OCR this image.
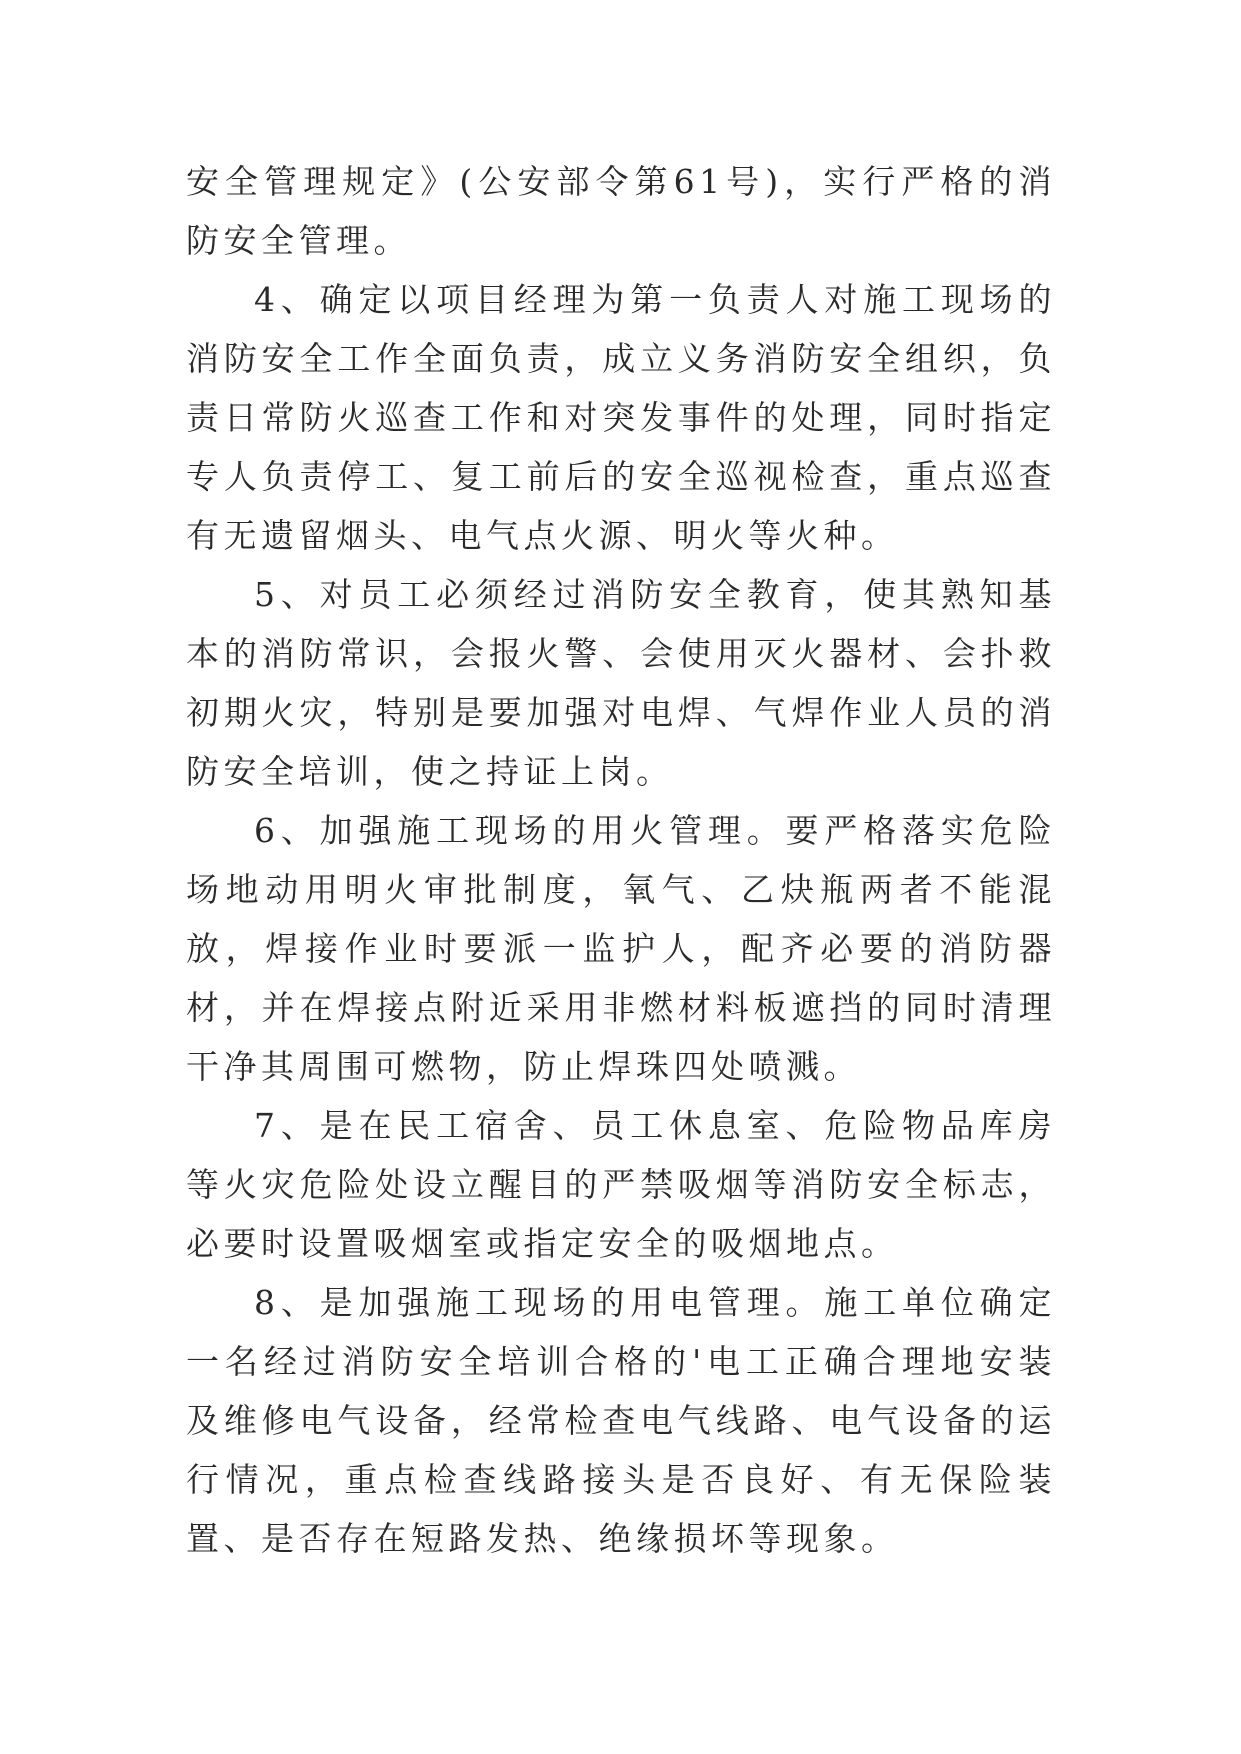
安全管理规定》(公安部令第61号)，实行严格的消防安全管理。

4、确定以项目经理为第一负责人对施工现场的消防安全工作全面负责，成立义务消防安全组织，负责日常防火巡查工作和对突发事件的处理，同时指定专人负责停工、复工前后的安全巡视检查，重点巡查有无遗留烟头、电气点火源、明火等火种。

5、对员工必须经过消防安全教育，使其熟知基本的消防常识，会报火警、会使用灭火器材、会扑救初期火灾，特别是要加强对电焊、气焊作业人员的消防安全培训，使之持证上岗。

6、加强施工现场的用火管理。要严格落实危险场地动用明火审批制度，氧气、乙炔瓶两者不能混放，焊接作业时要派一监护人，配齐必要的消防器材，并在焊接点附近采用非燃材料板遮挡的同时清理干净其周围可燃物，防止焊珠四处喷溅。

7、是在民工宿舍、员工休息室、危险物品库房等火灾危险处设立醒目的严禁吸烟等消防安全标志，必要时设置吸烟室或指定安全的吸烟地点。

8、是加强施工现场的用电管理。施工单位确定一名经过消防安全培训合格的'电工正确合理地安装及维修电气设备，经常检查电气线路、电气设备的运行情况，重点检查线路接头是否良好、有无保险装置、是否存在短路发热、绝缘损坏等现象。
